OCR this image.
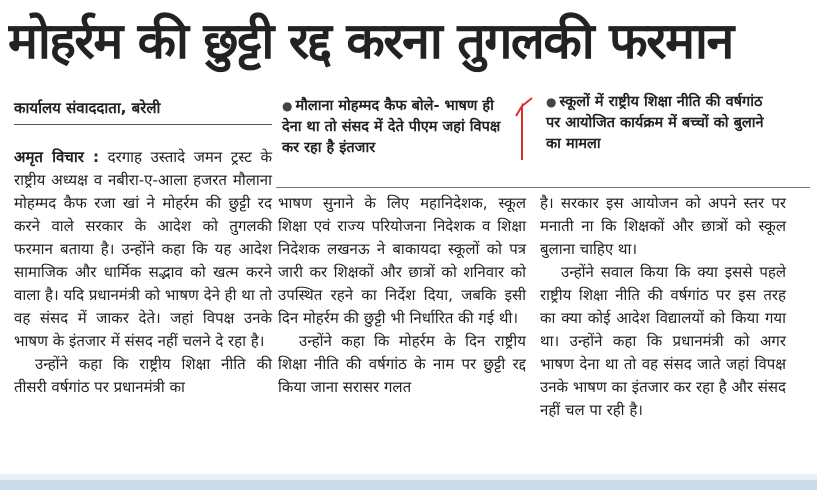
मोहर्रम की छुट्टी रद्द करना तुगलकी फरमान
कार्यालय संवाददाता, बरेली	● मौलाना मोहम्मद कैफ बोले- भाषण ही देना था तो संसद में देते पीएम जहां विपक्ष कर रहा है इंतजार
● स्कूलों में राष्ट्रीय शिक्षा नीति की वर्षगांठ पर आयोजित कार्यक्रम में बच्चों को बुलाने का मामला

अमृत विचार : दरगाह उस्तादे जमन ट्रस्ट के राष्ट्रीय अध्यक्ष व नबीरा-ए-आला हजरत मौलाना मोहम्मद कैफ रजा खां ने मोहर्रम की छुट्टी रद करने वाले सरकार के आदेश को तुगलकी फरमान बताया है। उन्होंने कहा कि यह आदेश सामाजिक और धार्मिक सद्भाव को खत्म करने वाला है। यदि प्रधानमंत्री को भाषण देने ही था तो वह संसद में जाकर देते। जहां विपक्ष उनके भाषण के इंतजार में संसद नहीं चलने दे रहा है।

उन्होंने कहा कि राष्ट्रीय शिक्षा नीति की तीसरी वर्षगांठ पर प्रधानमंत्री का

भाषण सुनाने के लिए महानिदेशक, स्कूल शिक्षा एवं राज्य परियोजना निदेशक व शिक्षा निदेशक लखनऊ ने बाकायदा स्कूलों को पत्र जारी कर शिक्षकों और छात्रों को शनिवार को उपस्थित रहने का निर्देश दिया, जबकि इसी दिन मोहर्रम की छुट्टी भी निर्धारित की गई थी।

उन्होंने कहा कि मोहर्रम के दिन राष्ट्रीय शिक्षा नीति की वर्षगांठ के नाम पर छुट्टी रद्द किया जाना सरासर गलत

है। सरकार इस आयोजन को अपने स्तर पर मनाती ना कि शिक्षकों और छात्रों को स्कूल बुलाना चाहिए था।

उन्होंने सवाल किया कि क्या इससे पहले राष्ट्रीय शिक्षा नीति की वर्षगांठ पर इस तरह का क्या कोई आदेश विद्यालयों को किया गया था। उन्होंने कहा कि प्रधानमंत्री को अगर भाषण देना था तो वह संसद जाते जहां विपक्ष उनके भाषण का इंतजार कर रहा है और संसद नहीं चल पा रही है।
